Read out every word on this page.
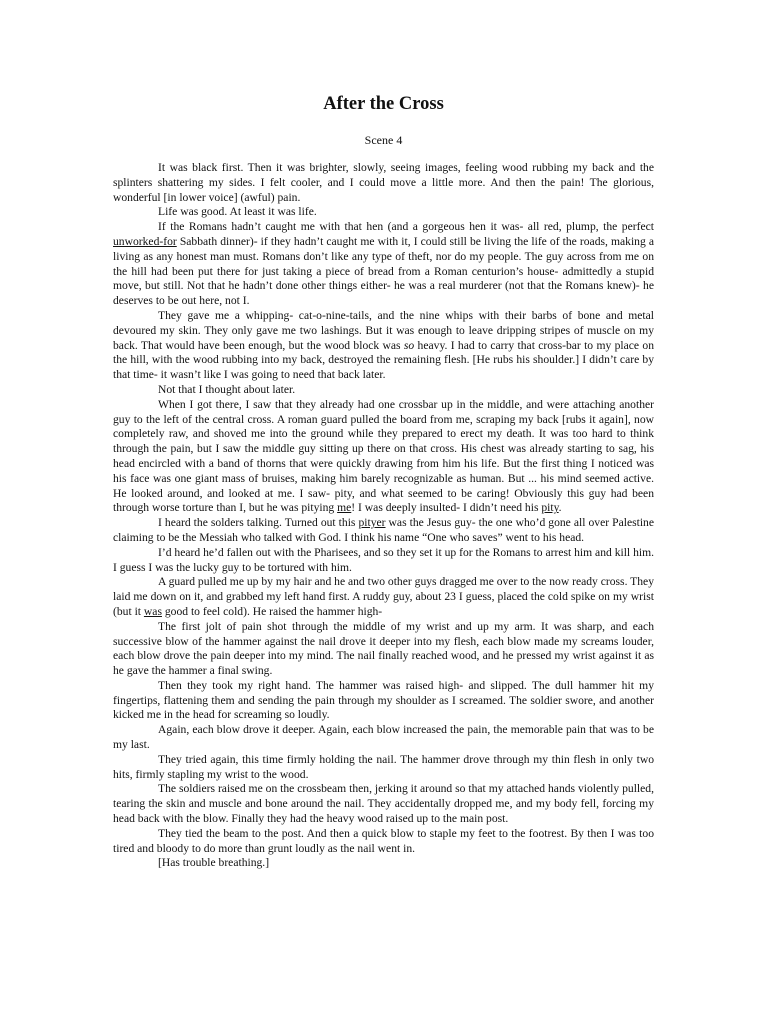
After the Cross
Scene 4

It was black first. Then it was brighter, slowly, seeing images, feeling wood rubbing my back and the splinters shattering my sides. I felt cooler, and I could move a little more. And then the pain! The glorious, wonderful [in lower voice] (awful) pain.

Life was good. At least it was life.

If the Romans hadn’t caught me with that hen (and a gorgeous hen it was- all red, plump, the perfect unworked-for Sabbath dinner)- if they hadn’t caught me with it, I could still be living the life of the roads, making a living as any honest man must. Romans don’t like any type of theft, nor do my people. The guy across from me on the hill had been put there for just taking a piece of bread from a Roman centurion’s house- admittedly a stupid move, but still. Not that he hadn’t done other things either- he was a real murderer (not that the Romans knew)- he deserves to be out here, not I.

They gave me a whipping- cat-o-nine-tails, and the nine whips with their barbs of bone and metal devoured my skin. They only gave me two lashings. But it was enough to leave dripping stripes of muscle on my back. That would have been enough, but the wood block was so heavy. I had to carry that cross-bar to my place on the hill, with the wood rubbing into my back, destroyed the remaining flesh. [He rubs his shoulder.] I didn’t care by that time- it wasn’t like I was going to need that back later.

Not that I thought about later.

When I got there, I saw that they already had one crossbar up in the middle, and were attaching another guy to the left of the central cross. A roman guard pulled the board from me, scraping my back [rubs it again], now completely raw, and shoved me into the ground while they prepared to erect my death. It was too hard to think through the pain, but I saw the middle guy sitting up there on that cross. His chest was already starting to sag, his head encircled with a band of thorns that were quickly drawing from him his life. But the first thing I noticed was his face was one giant mass of bruises, making him barely recognizable as human. But ... his mind seemed active. He looked around, and looked at me. I saw- pity, and what seemed to be caring! Obviously this guy had been through worse torture than I, but he was pitying me! I was deeply insulted- I didn’t need his pity.

I heard the solders talking. Turned out this pityer was the Jesus guy- the one who’d gone all over Palestine claiming to be the Messiah who talked with God. I think his name “One who saves” went to his head.

I’d heard he’d fallen out with the Pharisees, and so they set it up for the Romans to arrest him and kill him. I guess I was the lucky guy to be tortured with him.

A guard pulled me up by my hair and he and two other guys dragged me over to the now ready cross. They laid me down on it, and grabbed my left hand first. A ruddy guy, about 23 I guess, placed the cold spike on my wrist (but it was good to feel cold). He raised the hammer high-

The first jolt of pain shot through the middle of my wrist and up my arm. It was sharp, and each successive blow of the hammer against the nail drove it deeper into my flesh, each blow made my screams louder, each blow drove the pain deeper into my mind. The nail finally reached wood, and he pressed my wrist against it as he gave the hammer a final swing.

Then they took my right hand. The hammer was raised high- and slipped. The dull hammer hit my fingertips, flattening them and sending the pain through my shoulder as I screamed. The soldier swore, and another kicked me in the head for screaming so loudly.

Again, each blow drove it deeper. Again, each blow increased the pain, the memorable pain that was to be my last.

They tried again, this time firmly holding the nail. The hammer drove through my thin flesh in only two hits, firmly stapling my wrist to the wood.

The soldiers raised me on the crossbeam then, jerking it around so that my attached hands violently pulled, tearing the skin and muscle and bone around the nail. They accidentally dropped me, and my body fell, forcing my head back with the blow. Finally they had the heavy wood raised up to the main post.

They tied the beam to the post. And then a quick blow to staple my feet to the footrest. By then I was too tired and bloody to do more than grunt loudly as the nail went in.

[Has trouble breathing.]
